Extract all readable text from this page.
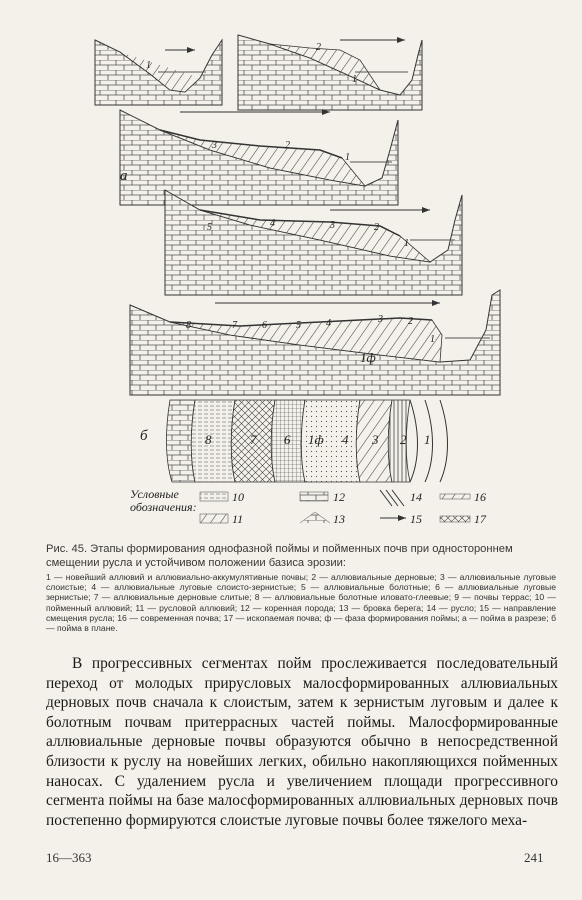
а
б
1
2
1
3	2
1
5	4	3	2
1
8	7	6	5	4	3	2
1
1ф
8	7 6 1ф 4 3 2 1
Условные
обозначения:
10
11
12
13
14
15
16
17
Рис. 45. Этапы формирования однофазной поймы и пойменных почв при одностороннем смещении русла и устойчивом положении базиса эрозии:
1 — новейший аллювий и аллювиально-аккумулятивные почвы; 2 — аллювиальные дерновые; 3 — аллювиальные луговые слоистые; 4 — аллювиальные луговые слоисто-зернистые; 5 — аллювиальные болотные; 6 — аллювиальные луговые зернистые; 7 — аллювиальные дерновые слитые; 8 — аллювиальные болотные иловато-глеевые; 9 — почвы террас; 10 — пойменный аллювий; 11 — русловой аллювий; 12 — коренная порода; 13 — бровка берега; 14 — русло; 15 — направление смещения русла; 16 — современная почва; 17 — ископаемая почва; ф — фаза формирования поймы; а — пойма в разрезе; б — пойма в плане.

В прогрессивных сегментах пойм прослеживается последовательный переход от молодых прирусловых малосформированных аллювиальных дерновых почв сначала к слоистым, затем к зернистым луговым и далее к болотным почвам притеррасных частей поймы. Малосформированные аллювиальные дерновые почвы образуются обычно в непосредственной близости к руслу на новейших легких, обильно накопляющихся пойменных наносах. С удалением русла и увеличением площади прогрессивного сегмента поймы на базе малосформированных аллювиальных дерновых почв постепенно формируются слоистые луговые почвы более тяжелого меха-

16—363	241
